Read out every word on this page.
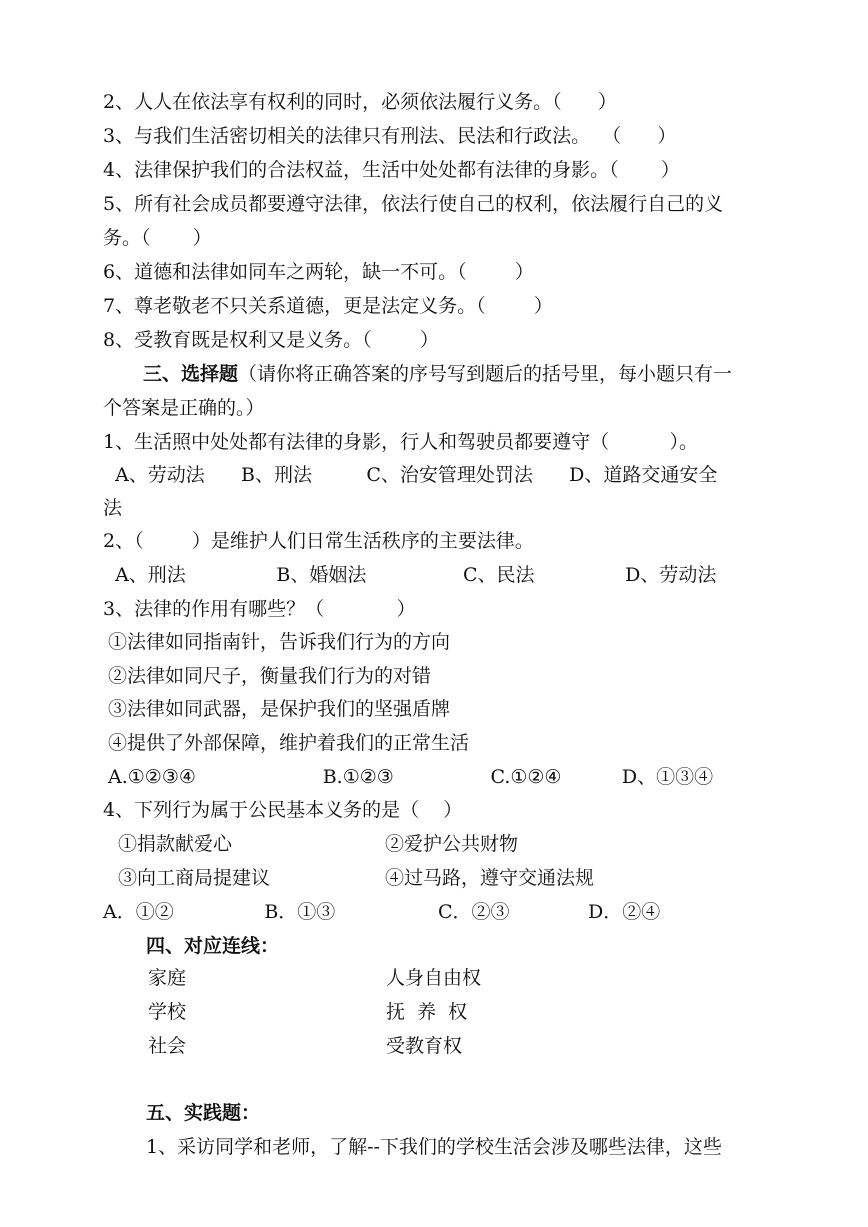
2、人人在依法享有权利的同时，必须依法履行义务。（      ）
3、与我们生活密切相关的法律只有刑法、民法和行政法。  （      ）
4、法律保护我们的合法权益，生活中处处都有法律的身影。（       ）
5、所有社会成员都要遵守法律，依法行使自己的权利，依法履行自己的义
务。（       ）
6、道德和法律如同车之两轮，缺一不可。（        ）
7、尊老敬老不只关系道德，更是法定义务。（        ）
8、受教育既是权利又是义务。（        ）
三、选择题（请你将正确答案的序号写到题后的括号里，每小题只有一
个答案是正确的。）
1、生活照中处处都有法律的身影，行人和驾驶员都要遵守（          ）。
A、劳动法      B、刑法         C、治安管理处罚法      D、道路交通安全
法
2、（        ）是维护人们日常生活秩序的主要法律。
A、刑法               B、婚姻法                C、民法               D、劳动法
3、法律的作用有哪些？（            ）
①法律如同指南针，告诉我们行为的方向
②法律如同尺子，衡量我们行为的对错
③法律如同武器，是保护我们的坚强盾牌
④提供了外部保障，维护着我们的正常生活
A.①②③④                     B.①②③                C.①②④          D、①③④
4、下列行为属于公民基本义务的是（    ）
①捐款献爱心	②爱护公共财物
③向工商局提建议	④过马路，遵守交通法规
A．①②               B．①③                 C．②③             D．②④
四、对应连线：
家庭
学校
社会
人身自由权
抚  养  权
受教育权
五、实践题：
1、采访同学和老师，了解--下我们的学校生活会涉及哪些法律，这些
